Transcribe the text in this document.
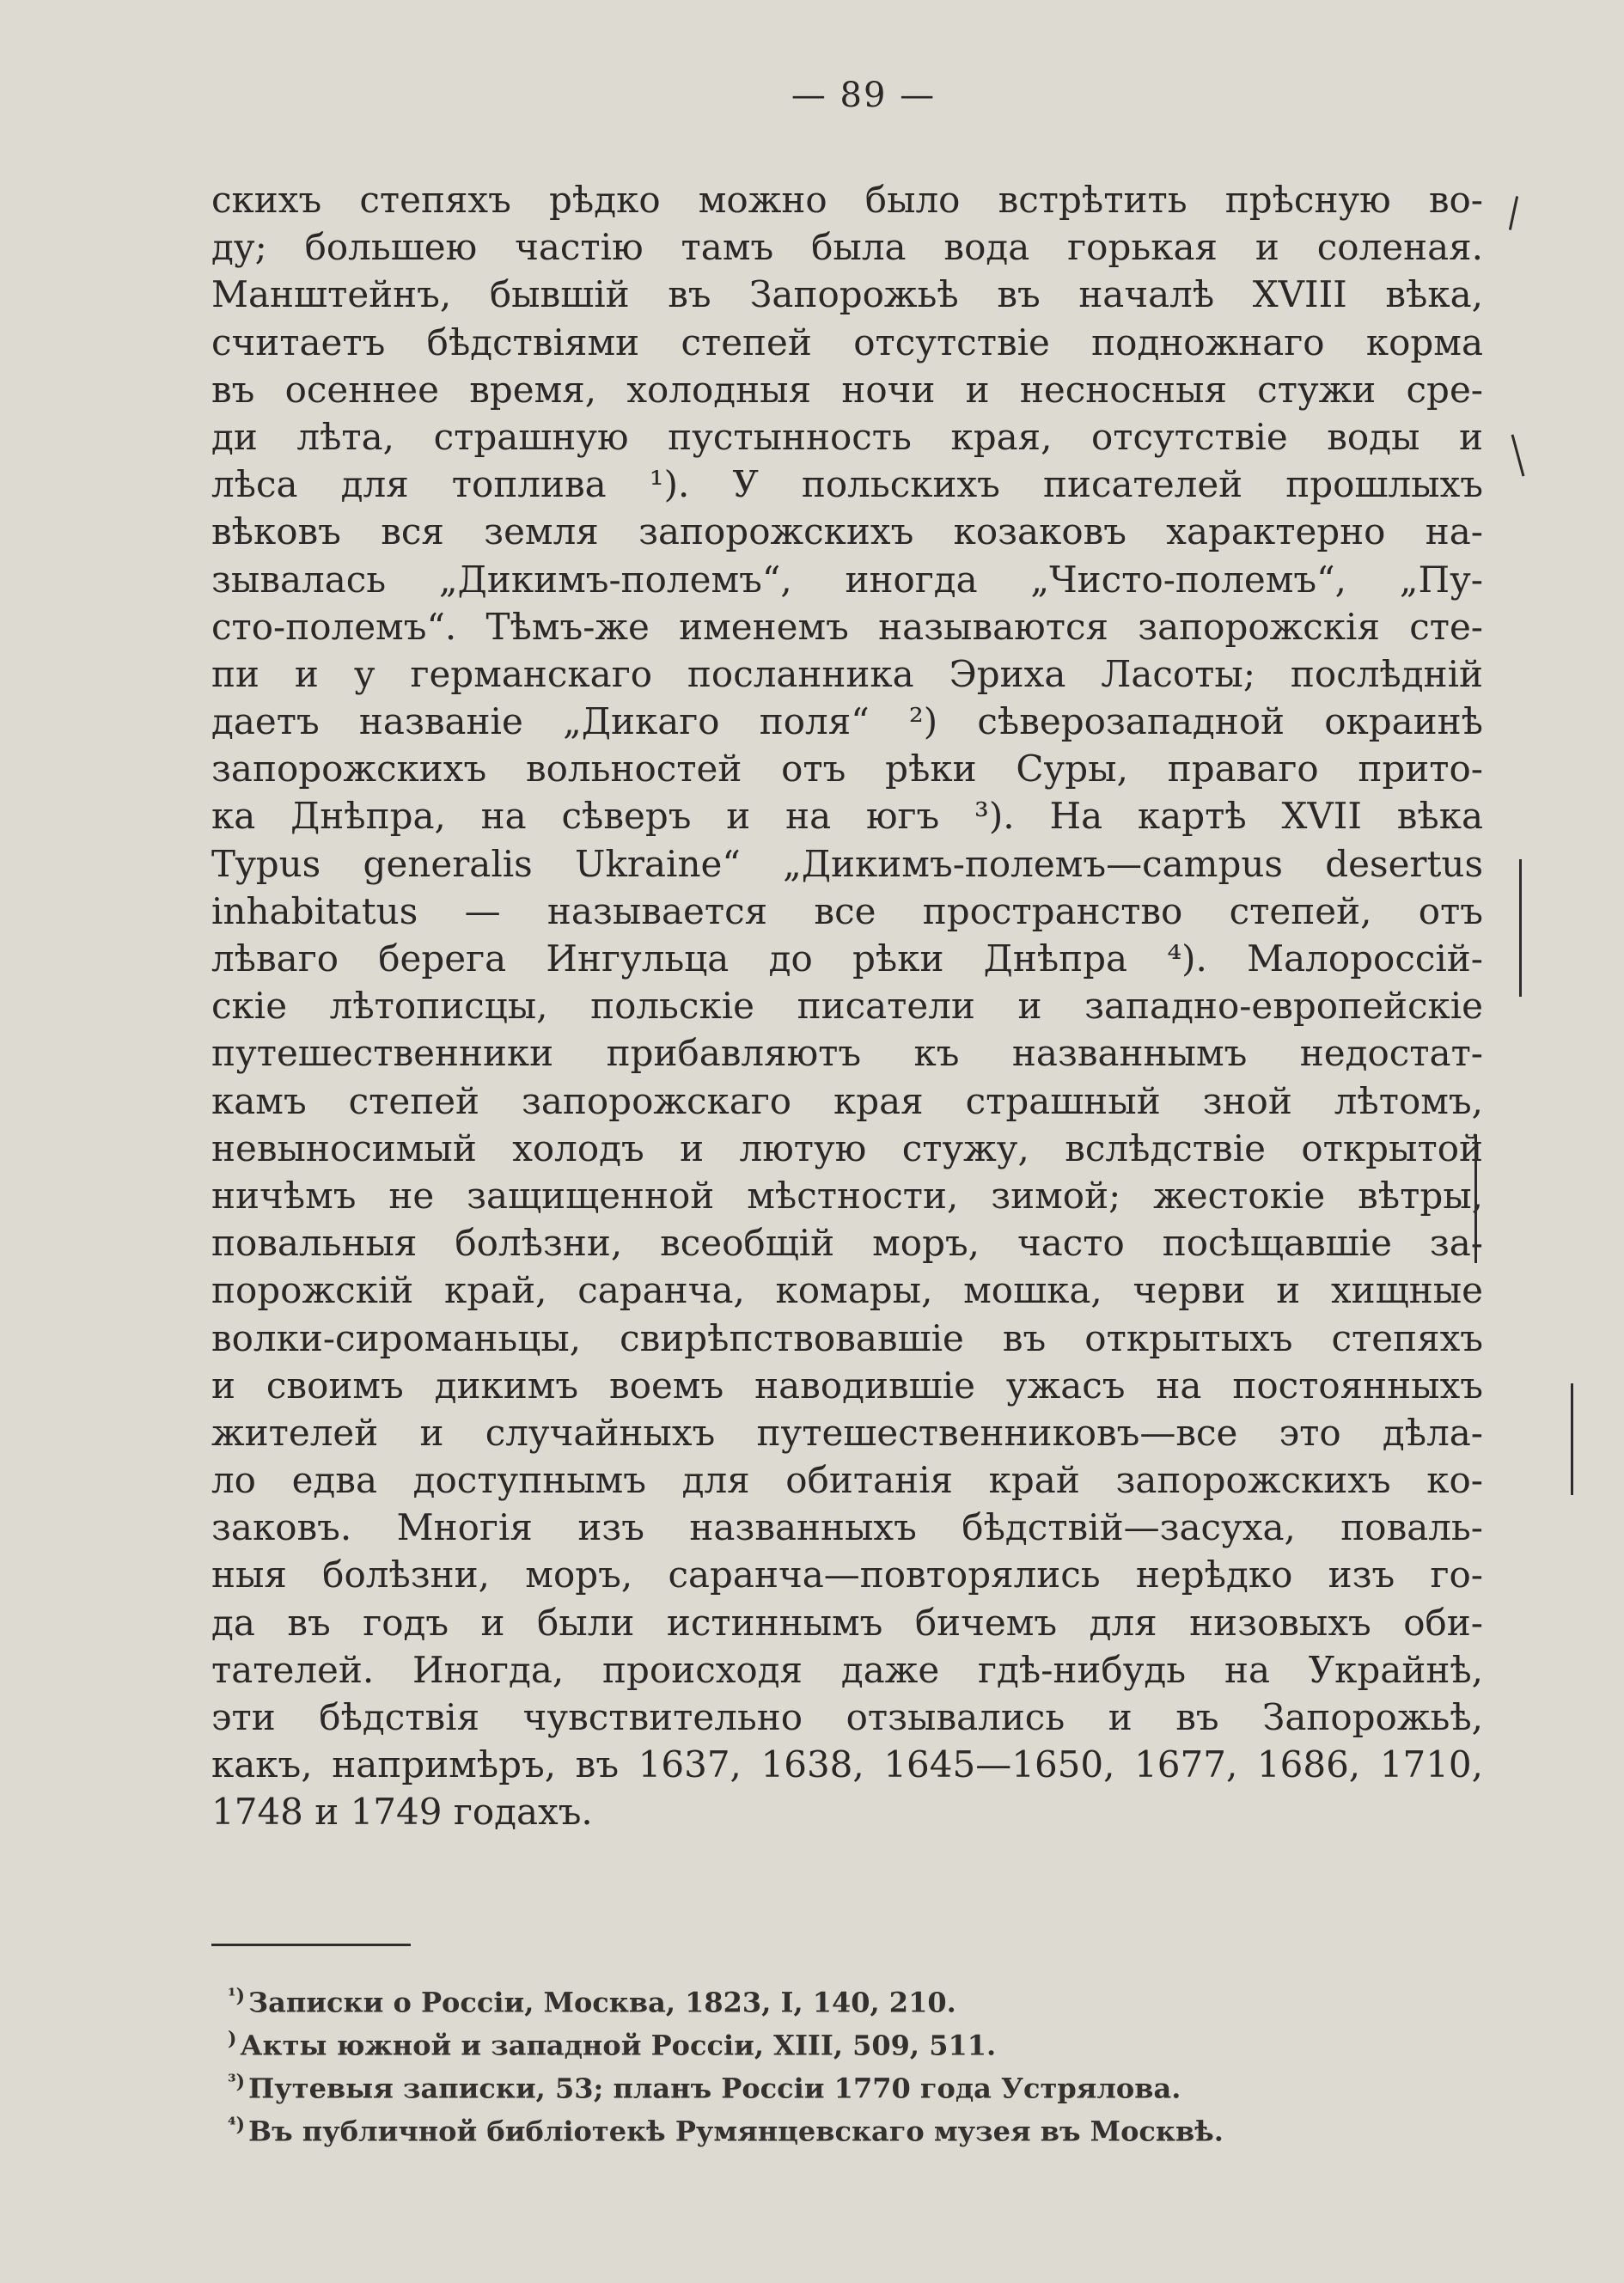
— 89 —
скихъ степяхъ рѣдко можно было встрѣтить прѣсную во-
ду; большею частію тамъ была вода горькая и соленая.
Манштейнъ, бывшій въ Запорожьѣ въ началѣ XVIII вѣка,
считаетъ бѣдствіями степей отсутствіе подножнаго корма
въ осеннее время, холодныя ночи и несносныя стужи сре-
ди лѣта, страшную пустынность края, отсутствіе воды и
лѣса для топлива ¹). У польскихъ писателей прошлыхъ
вѣковъ вся земля запорожскихъ козаковъ характерно на-
зывалась „Дикимъ-полемъ“, иногда „Чисто-полемъ“, „Пу-
сто-полемъ“. Тѣмъ-же именемъ называются запорожскія сте-
пи и у германскаго посланника Эриха Ласоты; послѣдній
даетъ названіе „Дикаго поля“ ²) сѣверозападной окраинѣ
запорожскихъ вольностей отъ рѣки Суры, праваго прито-
ка Днѣпра, на сѣверъ и на югъ ³). На картѣ XVII вѣка
Typus generalis Ukraine“ „Дикимъ-полемъ—campus desertus
inhabitatus — называется все пространство степей, отъ
лѣваго берега Ингульца до рѣки Днѣпра ⁴). Малороссій-
скіе лѣтописцы, польскіе писатели и западно-европейскіе
путешественники прибавляютъ къ названнымъ недостат-
камъ степей запорожскаго края страшный зной лѣтомъ,
невыносимый холодъ и лютую стужу, вслѣдствіе открытой
ничѣмъ не защищенной мѣстности, зимой; жестокіе вѣтры,
повальныя болѣзни, всеобщій моръ, часто посѣщавшіе за-
порожскій край, саранча, комары, мошка, черви и хищные
волки-сироманьцы, свирѣпствовавшіе въ открытыхъ степяхъ
и своимъ дикимъ воемъ наводившіе ужасъ на постоянныхъ
жителей и случайныхъ путешественниковъ—все это дѣла-
ло едва доступнымъ для обитанія край запорожскихъ ко-
заковъ. Многія изъ названныхъ бѣдствій—засуха, поваль-
ныя болѣзни, моръ, саранча—повторялись нерѣдко изъ го-
да въ годъ и были истиннымъ бичемъ для низовыхъ оби-
тателей. Иногда, происходя даже гдѣ-нибудь на Украйнѣ,
эти бѣдствія чувствительно отзывались и въ Запорожьѣ,
какъ, напримѣръ, въ 1637, 1638, 1645—1650, 1677, 1686, 1710,
1748 и 1749 годахъ.
$^{^1)}$ Записки о Россіи, Москва, 1823, I, 140, 210.
) Акты южной и западной Россіи, XIII, 509, 511.
$^{^3)}$ Путевыя записки, 53; планъ Россіи 1770 года Устрялова.
$^{^4)}$ Въ публичной библіотекѣ Румянцевскаго музея въ Москвѣ.
